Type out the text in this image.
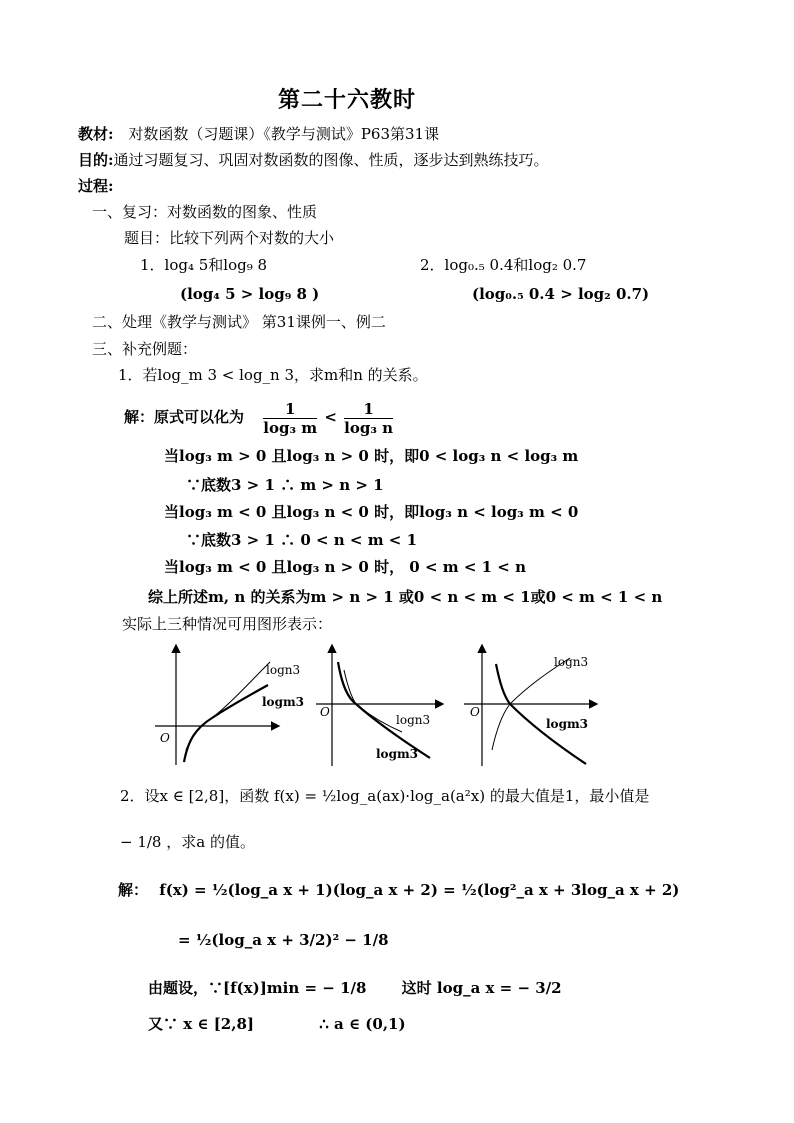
第二十六教时
教材: 对数函数（习题课）《教学与测试》P63第31课
目的:通过习题复习、巩固对数函数的图像、性质，逐步达到熟练技巧。
过程:
一、复习：对数函数的图象、性质
题目：比较下列两个对数的大小
1．log₄ 5和log₉ 8	2．log₀.₅ 0.4和log₂ 0.7
(log₄ 5 > log₉ 8 )	(log₀.₅ 0.4 > log₂ 0.7)
二、处理《教学与测试》 第31课例一、例二
三、补充例题：
1．若log_m 3 < log_n 3，求m和n 的关系。
解：原式可以化为 $\frac{1}{\text{log₃ m}} < \frac{1}{\text{log₃ n}}$
当log₃ m > 0 且log₃ n > 0 时，即0 < log₃ n < log₃ m
∵底数3 > 1 ∴ m > n > 1
当log₃ m < 0 且log₃ n < 0 时，即log₃ n < log₃ m < 0
∵底数3 > 1 ∴ 0 < n < m < 1
当log₃ m < 0 且log₃ n > 0 时， 0 < m < 1 < n
综上所述m, n 的关系为m > n > 1 或0 < n < m < 1或0 < m < 1 < n
实际上三种情况可用图形表示：
logn3
logm3
O
logn3
logm3
O
logn3
logm3
O
2．设x ∈ [2,8]，函数 f(x) = ½log_a(ax)·log_a(a²x) 的最大值是1，最小值是
− 1/8 ，求a 的值。
解： f(x) = ½(log_a x + 1)(log_a x + 2) = ½(log²_a x + 3log_a x + 2)
= ½(log_a x + 3/2)² − 1/8
由题设，∵[f(x)]min = − 1/8 这时 log_a x = − 3/2
又∵ x ∈ [2,8]	∴ a ∈ (0,1)
